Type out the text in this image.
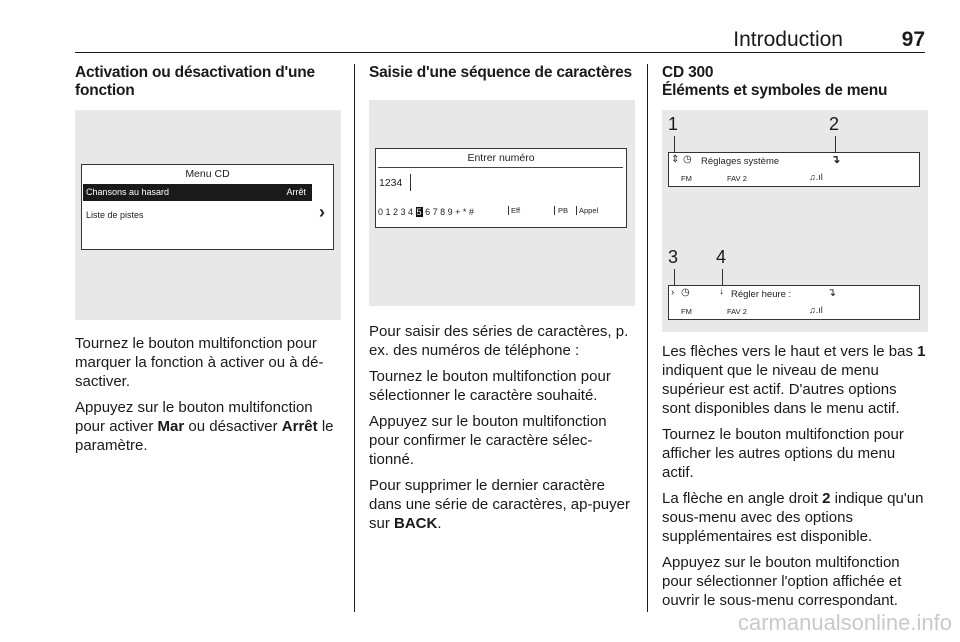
Introduction	97

Activation ou désactivation d'une fonction

Menu CD
Chansons au hasard	Arrêt
Liste de pistes	›

Tournez le bouton multifonction pour marquer la fonction à activer ou à dé-sactiver.

Appuyez sur le bouton multifonction pour activer Mar ou désactiver Arrêt le paramètre.

Saisie d'une séquence de caractères

Entrer numéro
1234
0 1 2 3 4 5 6 7 8 9 + * #	Eff	PB	Appel

Pour saisir des séries de caractères, p. ex. des numéros de téléphone :

Tournez le bouton multifonction pour sélectionner le caractère souhaité.

Appuyez sur le bouton multifonction pour confirmer le caractère sélec-tionné.

Pour supprimer le dernier caractère dans une série de caractères, ap-puyer sur BACK.

CD 300

Éléments et symboles de menu

1	2
3 4
⇕ ◷ Réglages système	↴
FM	FAV 2	♫.ıl
› ◷	↓ Régler heure :	↴
FM	FAV 2	♫.ıl

Les flèches vers le haut et vers le bas 1 indiquent que le niveau de menu supérieur est actif. D'autres options sont disponibles dans le menu actif.

Tournez le bouton multifonction pour afficher les autres options du menu actif.

La flèche en angle droit 2 indique qu'un sous-menu avec des options supplémentaires est disponible.

Appuyez sur le bouton multifonction pour sélectionner l'option affichée et ouvrir le sous-menu correspondant.

carmanualsonline.info
